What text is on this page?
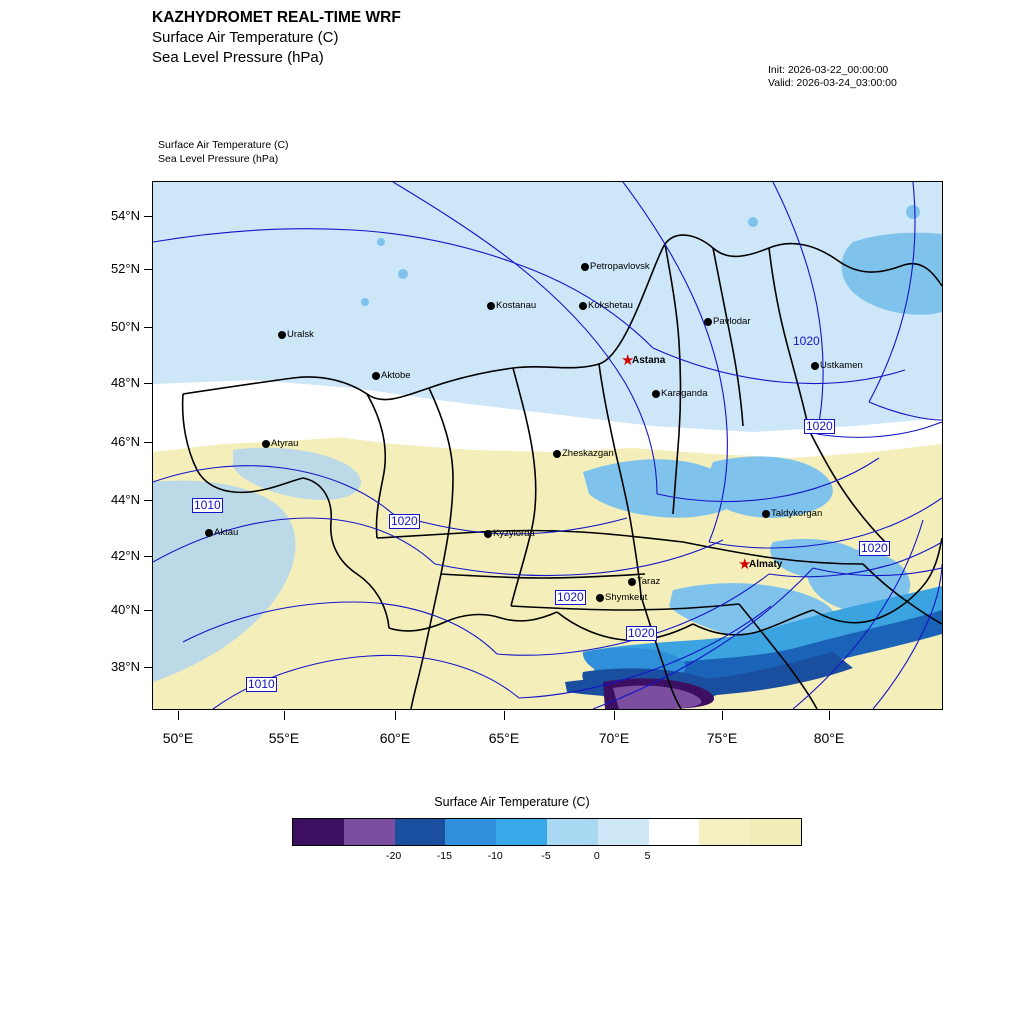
KAZHYDROMET REAL-TIME WRF
Surface Air Temperature (C)
Sea Level Pressure (hPa)
Init: 2026-03-22_00:00:00
Valid: 2026-03-24_03:00:00
Surface Air Temperature (C)
Sea Level Pressure (hPa)
54°N
52°N
50°N
48°N
46°N
44°N
42°N
40°N
38°N
50°E	55°E	60°E	65°E	70°E	75°E	80°E
Uralsk
Petropavlovsk
Kostanau	Kokshetau
Pavlodar
Ustkamen
Aktobe
Karaganda
Atyrau
Zheskazgan
Taldykorgan
Aktau	Kyzylorda
Taraz
Shymkent
★
Astana
★
Almaty
1020
1020
1010
1020
1020
1020
1020
1010
Surface Air Temperature (C)
-20	-15	-10	-5	0	5
